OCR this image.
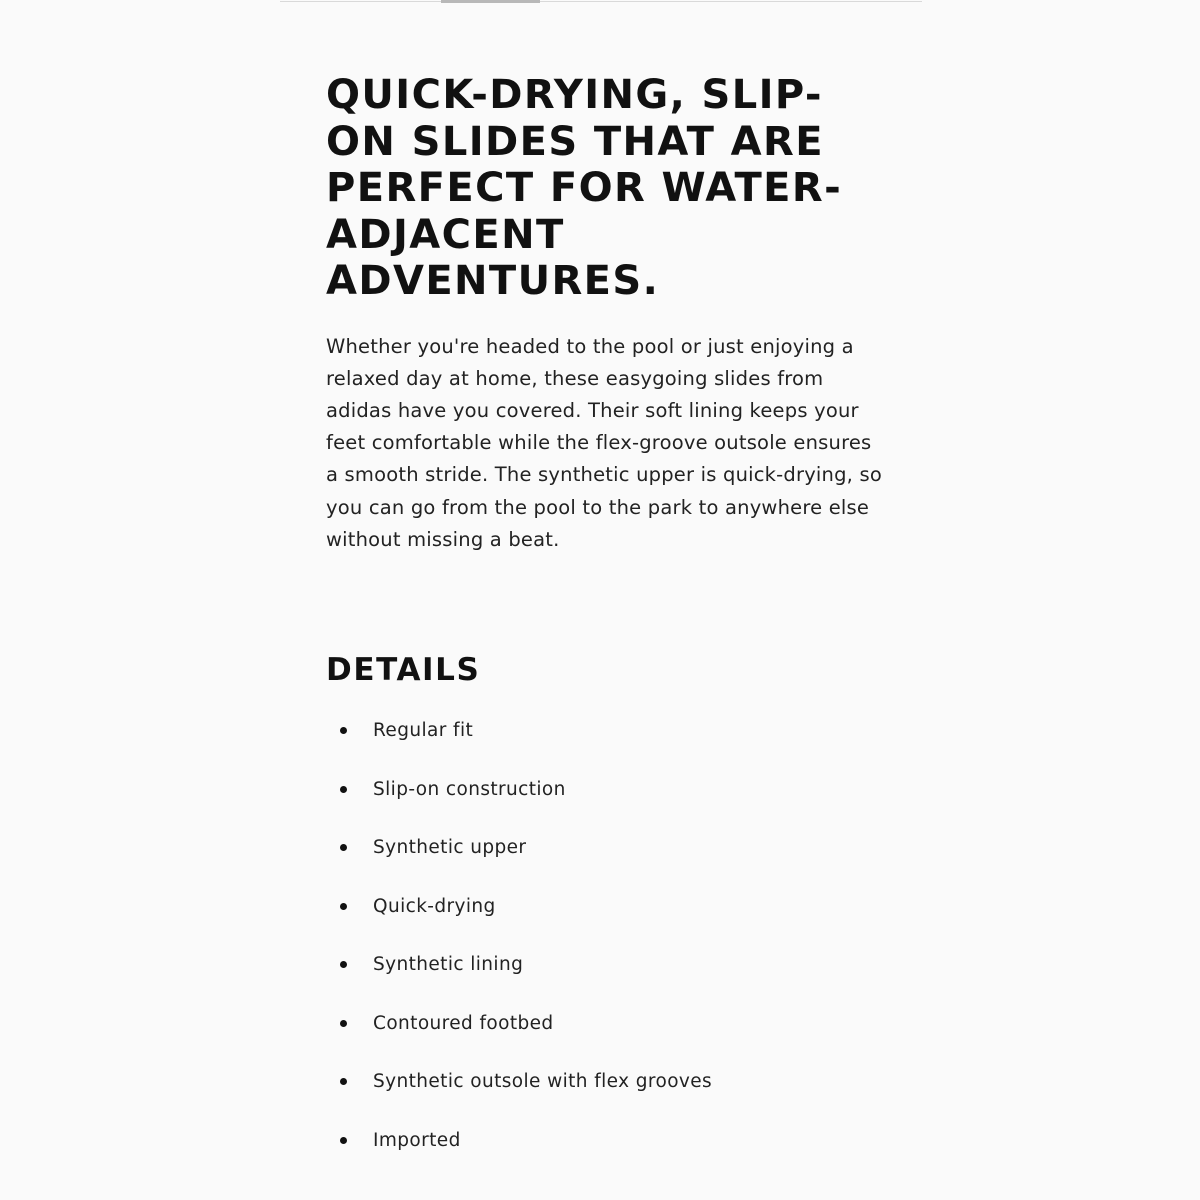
QUICK-DRYING, SLIP-ON SLIDES THAT ARE PERFECT FOR WATER-ADJACENT ADVENTURES.

Whether you're headed to the pool or just enjoying a relaxed day at home, these easygoing slides from adidas have you covered. Their soft lining keeps your feet comfortable while the flex-groove outsole ensures a smooth stride. The synthetic upper is quick-drying, so you can go from the pool to the park to anywhere else without missing a beat.

DETAILS
Regular fit
Slip-on construction
Synthetic upper
Quick-drying
Synthetic lining
Contoured footbed
Synthetic outsole with flex grooves
Imported
